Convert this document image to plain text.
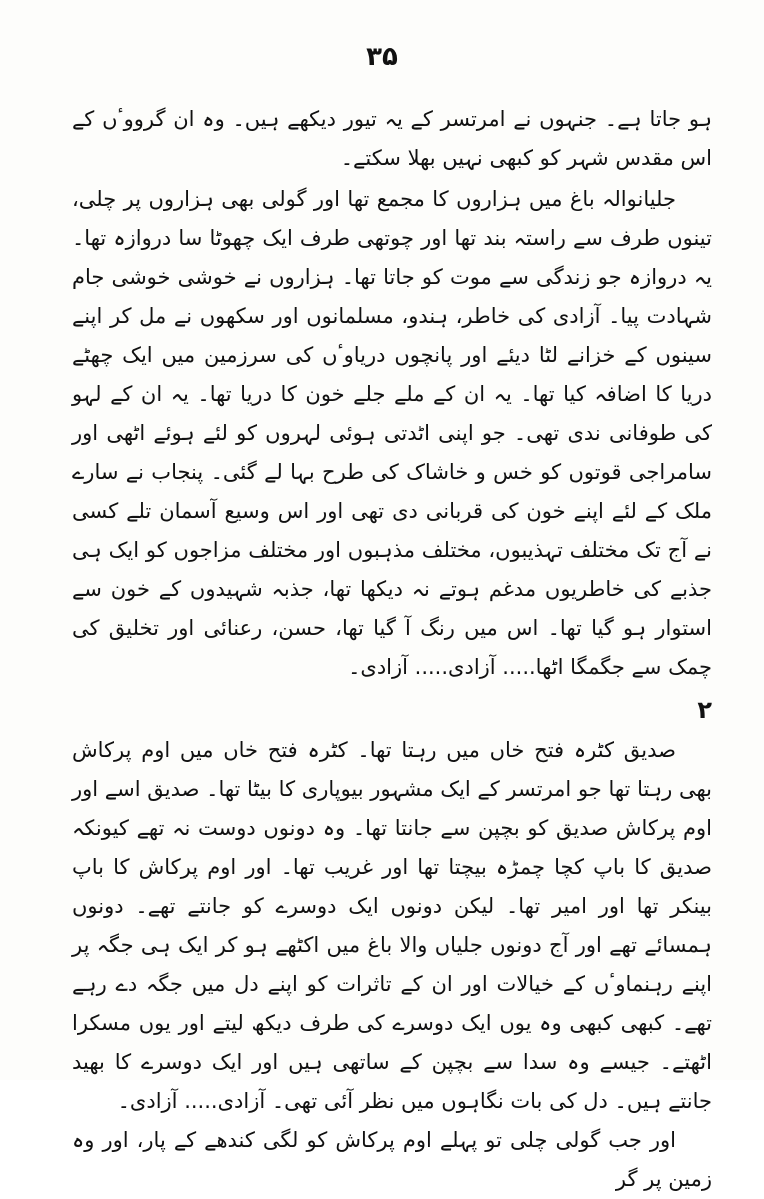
۳۵

ہو جاتا ہے۔ جنہوں نے امرتسر کے یہ تیور دیکھے ہیں۔ وہ ان گرووٴں کے اس مقدس شہر کو کبھی نہیں بھلا سکتے۔

جلیانوالہ باغ میں ہزاروں کا مجمع تھا اور گولی بھی ہزاروں پر چلی، تینوں طرف سے راستہ بند تھا اور چوتھی طرف ایک چھوٹا سا دروازہ تھا۔ یہ دروازہ جو زندگی سے موت کو جاتا تھا۔ ہزاروں نے خوشی خوشی جام شہادت پیا۔ آزادی کی خاطر، ہندو، مسلمانوں اور سکھوں نے مل کر اپنے سینوں کے خزانے لٹا دیئے اور پانچوں دریاوٴں کی سرزمین میں ایک چھٹے دریا کا اضافہ کیا تھا۔ یہ ان کے ملے جلے خون کا دریا تھا۔ یہ ان کے لہو کی طوفانی ندی تھی۔ جو اپنی اٹدتی ہوئی لہروں کو لئے ہوئے اٹھی اور سامراجی قوتوں کو خس و خاشاک کی طرح بہا لے گئی۔ پنجاب نے سارے ملک کے لئے اپنے خون کی قربانی دی تھی اور اس وسیع آسمان تلے کسی نے آج تک مختلف تہذیبوں، مختلف مذہبوں اور مختلف مزاجوں کو ایک ہی جذبے کی خاطریوں مدغم ہوتے نہ دیکھا تھا، جذبہ شہیدوں کے خون سے استوار ہو گیا تھا۔ اس میں رنگ آ گیا تھا، حسن، رعنائی اور تخلیق کی چمک سے جگمگا اٹھا..... آزادی..... آزادی۔

۲

صدیق کٹرہ فتح خاں میں رہتا تھا۔ کٹرہ فتح خاں میں اوم پرکاش بھی رہتا تھا جو امرتسر کے ایک مشہور بیوپاری کا بیٹا تھا۔ صدیق اسے اور اوم پرکاش صدیق کو بچپن سے جانتا تھا۔ وہ دونوں دوست نہ تھے کیونکہ صدیق کا باپ کچا چمڑہ بیچتا تھا اور غریب تھا۔ اور اوم پرکاش کا باپ بینکر تھا اور امیر تھا۔ لیکن دونوں ایک دوسرے کو جانتے تھے۔ دونوں ہمسائے تھے اور آج دونوں جلیاں والا باغ میں اکٹھے ہو کر ایک ہی جگہ پر اپنے رہنماوٴں کے خیالات اور ان کے تاثرات کو اپنے دل میں جگہ دے رہے تھے۔ کبھی کبھی وہ یوں ایک دوسرے کی طرف دیکھ لیتے اور یوں مسکرا اٹھتے۔ جیسے وہ سدا سے بچپن کے ساتھی ہیں اور ایک دوسرے کا بھید جانتے ہیں۔ دل کی بات نگاہوں میں نظر آئی تھی۔ آزادی..... آزادی۔

اور جب گولی چلی تو پہلے اوم پرکاش کو لگی کندھے کے پار، اور وہ زمین پر گر
